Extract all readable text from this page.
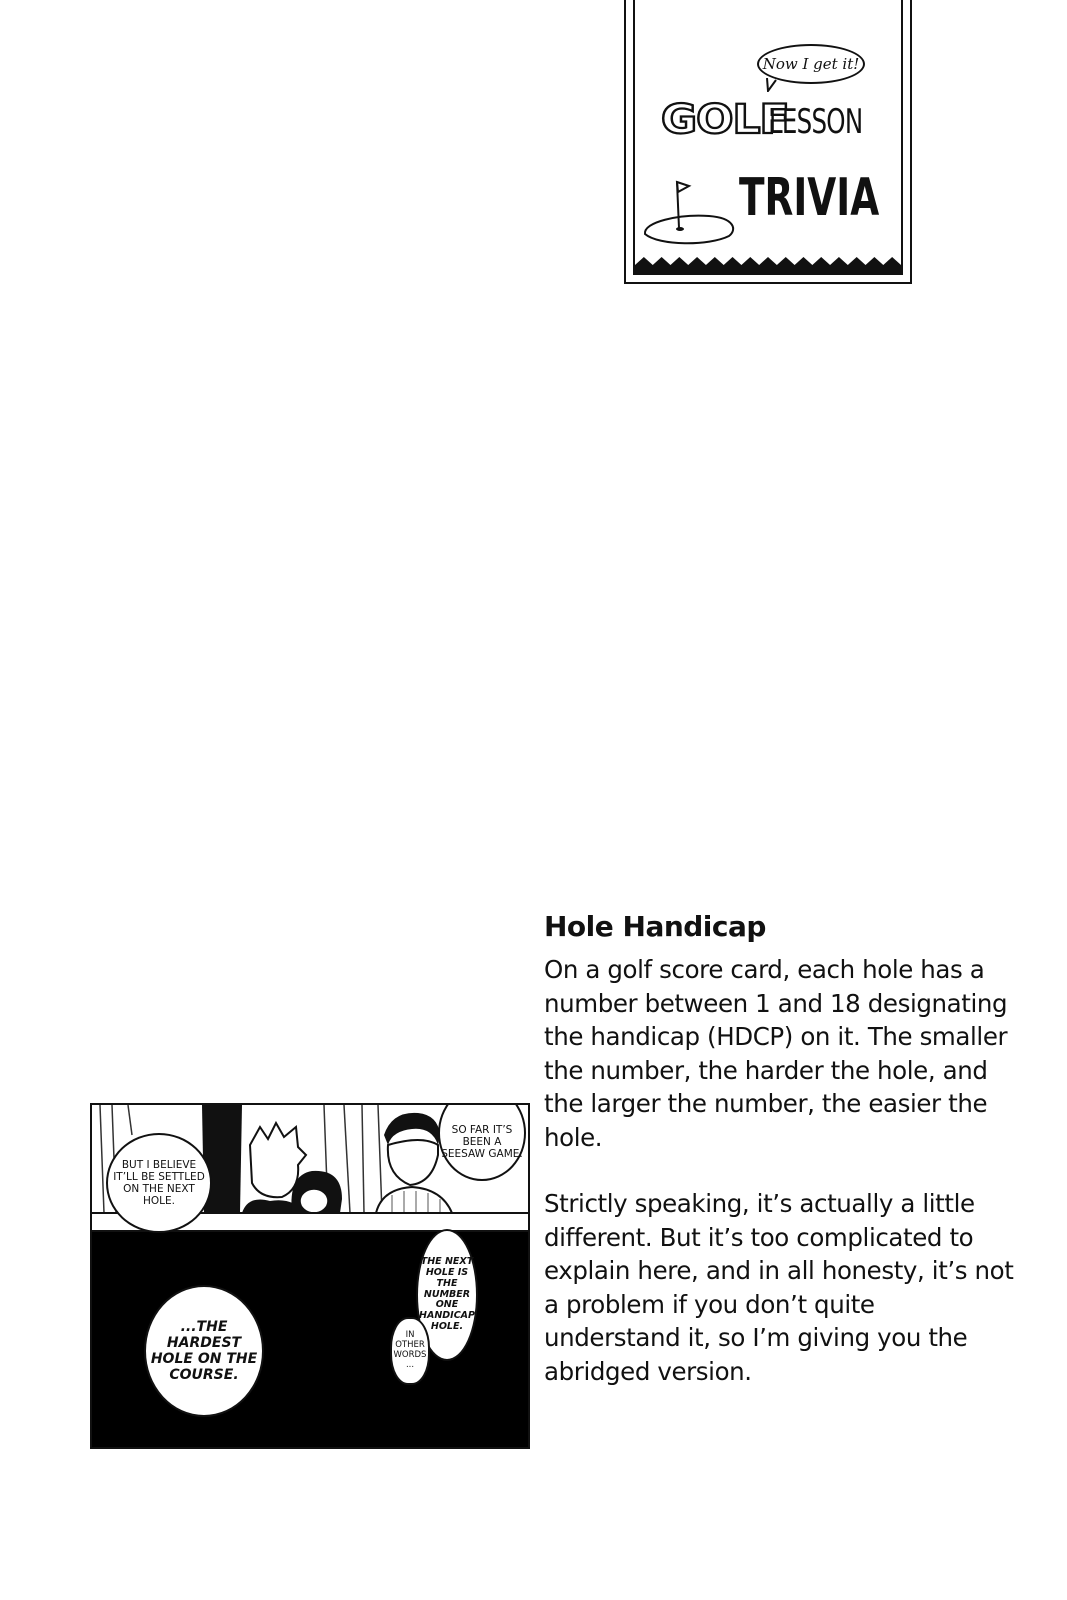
Now I get it!
GOLF
LESSON
TRIVIA
Hole Handicap

On a golf score card, each hole has a number between 1 and 18 designating the handicap (HDCP) on it. The smaller the number, the harder the hole, and the larger the number, the easier the hole.

Strictly speaking, it’s actually a little different. But it’s too complicated to explain here, and in all honesty, it’s not a problem if you don’t quite understand it, so I’m giving you the abridged version.

BUT I BELIEVE IT’LL BE SETTLED ON THE NEXT HOLE.
SO FAR IT’S BEEN A SEESAW GAME.
THE NEXT HOLE IS THE NUMBER ONE HANDICAP HOLE.
IN OTHER WORDS ...
...THE HARDEST HOLE ON THE COURSE.
